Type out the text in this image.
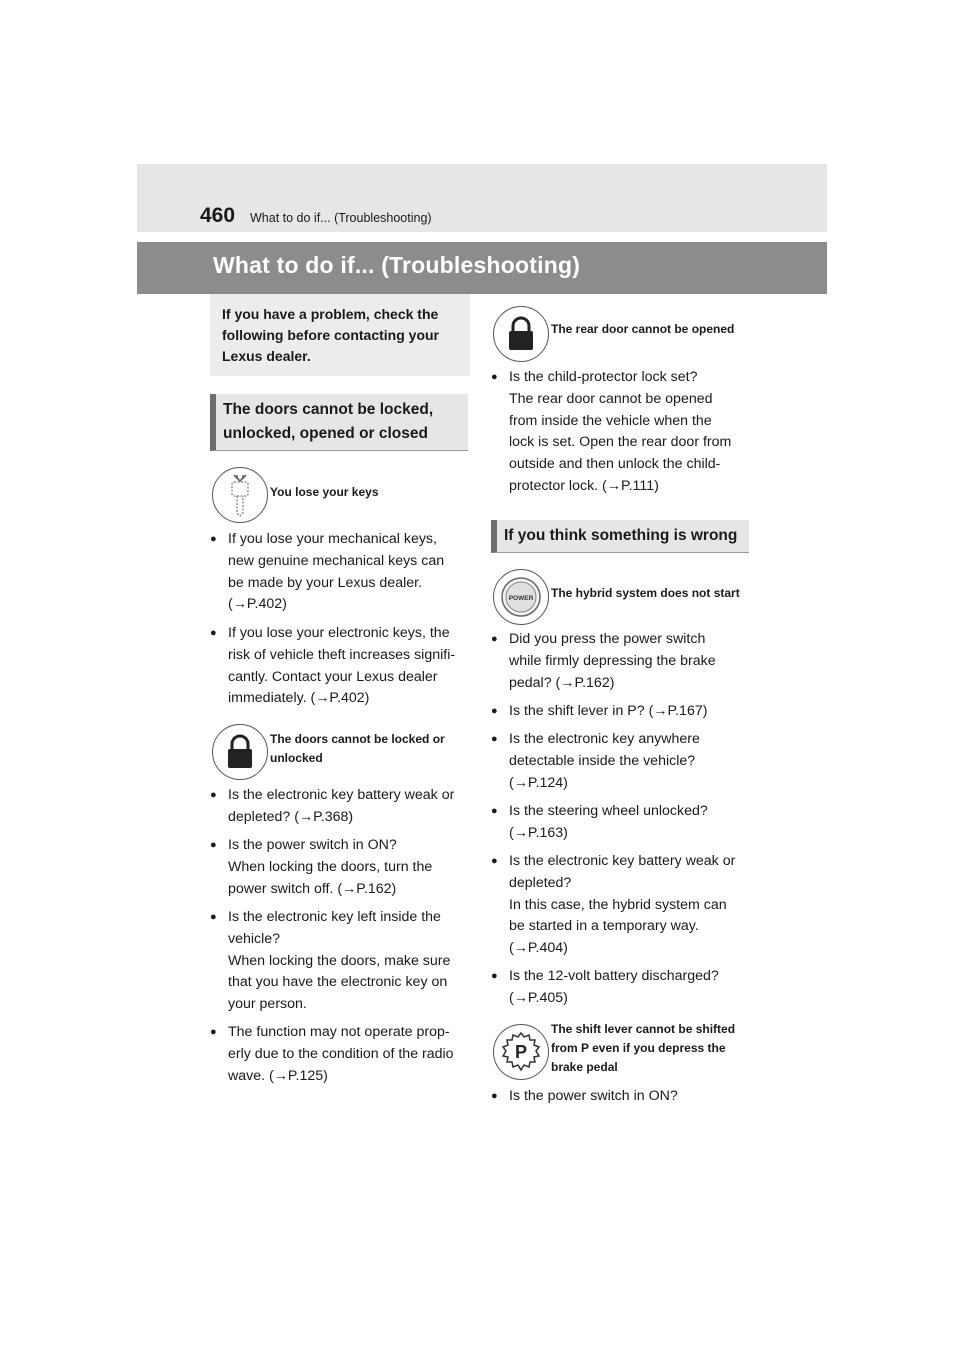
460 What to do if... (Troubleshooting)
What to do if... (Troubleshooting)
If you have a problem, check the
following before contacting your
Lexus dealer.
The doors cannot be locked,
unlocked, opened or closed
You lose your keys
● If you lose your mechanical keys,
new genuine mechanical keys can
be made by your Lexus dealer.
(→P.402)
● If you lose your electronic keys, the
risk of vehicle theft increases signifi-
cantly. Contact your Lexus dealer
immediately. (→P.402)
The doors cannot be locked or
unlocked
● Is the electronic key battery weak or
depleted? (→P.368)
● Is the power switch in ON?
When locking the doors, turn the
power switch off. (→P.162)
● Is the electronic key left inside the
vehicle?
When locking the doors, make sure
that you have the electronic key on
your person.
● The function may not operate prop-
erly due to the condition of the radio
wave. (→P.125)
The rear door cannot be opened
● Is the child-protector lock set?
The rear door cannot be opened
from inside the vehicle when the
lock is set. Open the rear door from
outside and then unlock the child-
protector lock. (→P.111)
If you think something is wrong
POWER The hybrid system does not start
● Did you press the power switch
while firmly depressing the brake
pedal? (→P.162)
● Is the shift lever in P? (→P.167)
● Is the electronic key anywhere
detectable inside the vehicle?
(→P.124)
● Is the steering wheel unlocked?
(→P.163)
● Is the electronic key battery weak or
depleted?
In this case, the hybrid system can
be started in a temporary way.
(→P.404)
● Is the 12-volt battery discharged?
(→P.405)
P
The shift lever cannot be shifted
from P even if you depress the
brake pedal
● Is the power switch in ON?
